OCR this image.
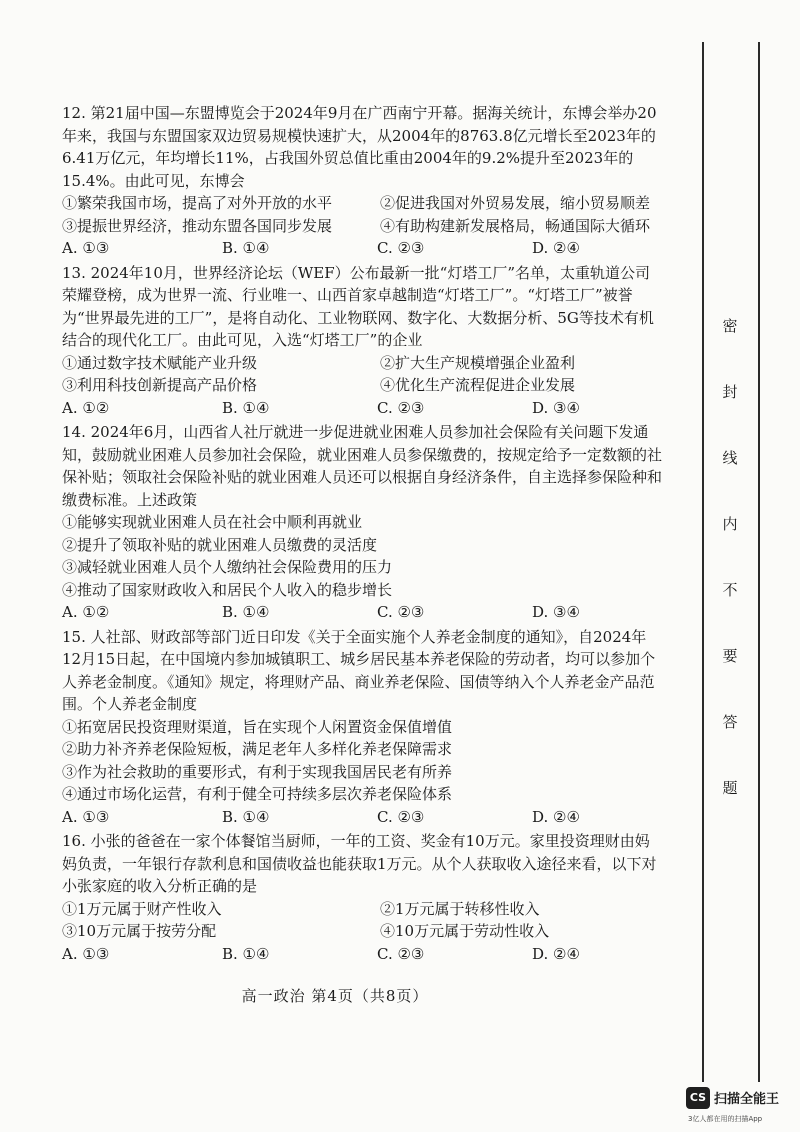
12. 第21届中国—东盟博览会于2024年9月在广西南宁开幕。据海关统计，东博会举办20年来，我国与东盟国家双边贸易规模快速扩大，从2004年的8763.8亿元增长至2023年的6.41万亿元，年均增长11%，占我国外贸总值比重由2004年的9.2%提升至2023年的15.4%。由此可见，东博会

①繁荣我国市场，提高了对外开放的水平	②促进我国对外贸易发展，缩小贸易顺差
③提振世界经济，推动东盟各国同步发展	④有助构建新发展格局，畅通国际大循环
A. ①③	B. ①④	C. ②③	D. ②④

13. 2024年10月，世界经济论坛（WEF）公布最新一批“灯塔工厂”名单，太重轨道公司荣耀登榜，成为世界一流、行业唯一、山西首家卓越制造“灯塔工厂”。“灯塔工厂”被誉为“世界最先进的工厂”，是将自动化、工业物联网、数字化、大数据分析、5G等技术有机结合的现代化工厂。由此可见，入选“灯塔工厂”的企业

①通过数字技术赋能产业升级	②扩大生产规模增强企业盈利
③利用科技创新提高产品价格	④优化生产流程促进企业发展
A. ①②	B. ①④	C. ②③	D. ③④

14. 2024年6月，山西省人社厅就进一步促进就业困难人员参加社会保险有关问题下发通知，鼓励就业困难人员参加社会保险，就业困难人员参保缴费的，按规定给予一定数额的社保补贴；领取社会保险补贴的就业困难人员还可以根据自身经济条件，自主选择参保险种和缴费标准。上述政策

①能够实现就业困难人员在社会中顺利再就业
②提升了领取补贴的就业困难人员缴费的灵活度
③减轻就业困难人员个人缴纳社会保险费用的压力
④推动了国家财政收入和居民个人收入的稳步增长
A. ①②	B. ①④	C. ②③	D. ③④

15. 人社部、财政部等部门近日印发《关于全面实施个人养老金制度的通知》，自2024年12月15日起，在中国境内参加城镇职工、城乡居民基本养老保险的劳动者，均可以参加个人养老金制度。《通知》规定，将理财产品、商业养老保险、国债等纳入个人养老金产品范围。个人养老金制度

①拓宽居民投资理财渠道，旨在实现个人闲置资金保值增值
②助力补齐养老保险短板，满足老年人多样化养老保障需求
③作为社会救助的重要形式，有利于实现我国居民老有所养
④通过市场化运营，有利于健全可持续多层次养老保险体系
A. ①③	B. ①④	C. ②③	D. ②④

16. 小张的爸爸在一家个体餐馆当厨师，一年的工资、奖金有10万元。家里投资理财由妈妈负责，一年银行存款利息和国债收益也能获取1万元。从个人获取收入途径来看，以下对小张家庭的收入分析正确的是

①1万元属于财产性收入	②1万元属于转移性收入
③10万元属于按劳分配	④10万元属于劳动性收入
A. ①③	B. ①④	C. ②③	D. ②④
高一政治 第4页（共8页）
密
封
线
内
不
要
答
题
CS 扫描全能王
3亿人都在用的扫描App
